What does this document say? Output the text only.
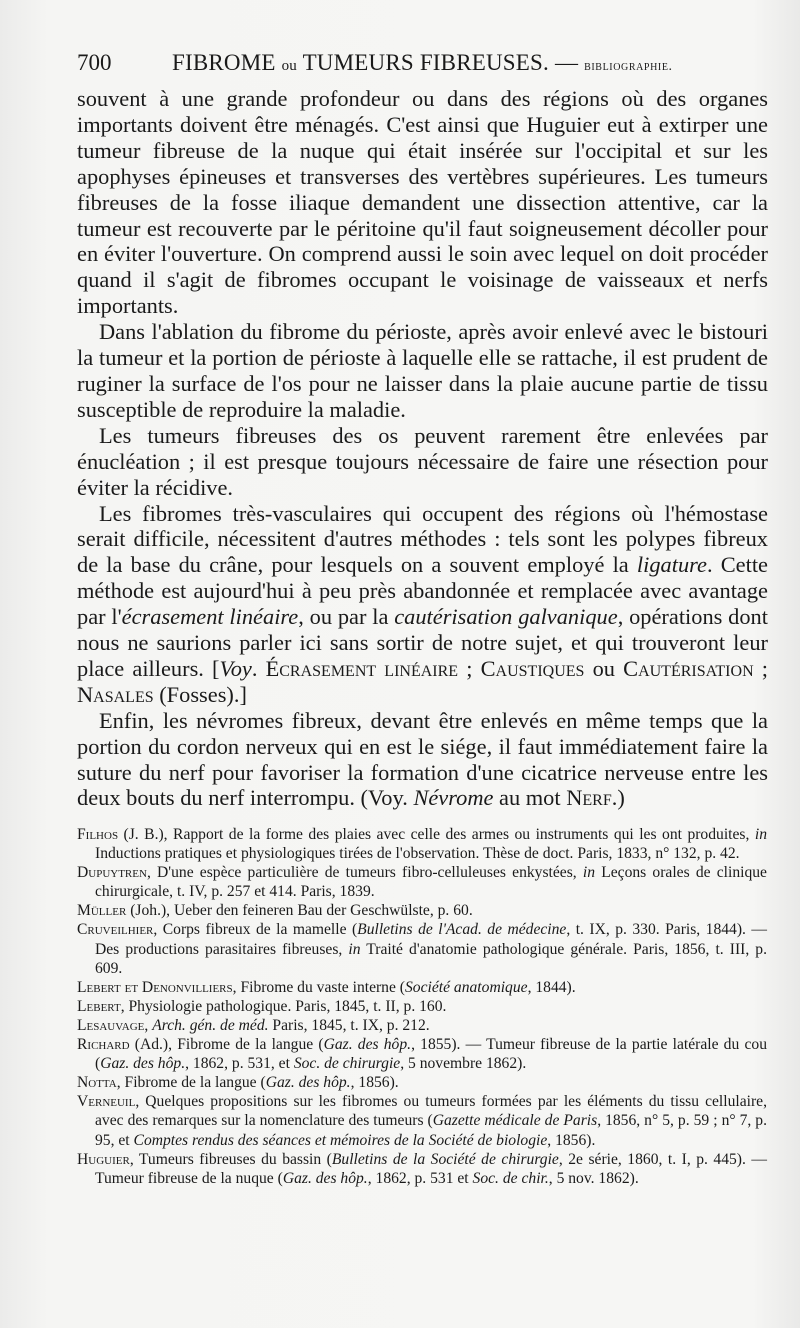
700	FIBROME ou TUMEURS FIBREUSES. — bibliographie.

souvent à une grande profondeur ou dans des régions où des organes importants doivent être ménagés. C'est ainsi que Huguier eut à extirper une tumeur fibreuse de la nuque qui était insérée sur l'occipital et sur les apophyses épineuses et transverses des vertèbres supérieures. Les tumeurs fibreuses de la fosse iliaque demandent une dissection attentive, car la tumeur est recouverte par le péritoine qu'il faut soigneusement décoller pour en éviter l'ouverture. On comprend aussi le soin avec lequel on doit procéder quand il s'agit de fibromes occupant le voisinage de vaisseaux et nerfs importants.

Dans l'ablation du fibrome du périoste, après avoir enlevé avec le bistouri la tumeur et la portion de périoste à laquelle elle se rattache, il est prudent de ruginer la surface de l'os pour ne laisser dans la plaie aucune partie de tissu susceptible de reproduire la maladie.

Les tumeurs fibreuses des os peuvent rarement être enlevées par énucléation ; il est presque toujours nécessaire de faire une résection pour éviter la récidive.

Les fibromes très-vasculaires qui occupent des régions où l'hémostase serait difficile, nécessitent d'autres méthodes : tels sont les polypes fibreux de la base du crâne, pour lesquels on a souvent employé la ligature. Cette méthode est aujourd'hui à peu près abandonnée et remplacée avec avantage par l'écrasement linéaire, ou par la cautérisation galvanique, opérations dont nous ne saurions parler ici sans sortir de notre sujet, et qui trouveront leur place ailleurs. [Voy. Écrasement linéaire ; Caustiques ou Cautérisation ; Nasales (Fosses).]

Enfin, les névromes fibreux, devant être enlevés en même temps que la portion du cordon nerveux qui en est le siége, il faut immédiatement faire la suture du nerf pour favoriser la formation d'une cicatrice nerveuse entre les deux bouts du nerf interrompu. (Voy. Névrome au mot Nerf.)

Filhos (J. B.), Rapport de la forme des plaies avec celle des armes ou instruments qui les ont produites, in Inductions pratiques et physiologiques tirées de l'observation. Thèse de doct. Paris, 1833, n° 132, p. 42.

Dupuytren, D'une espèce particulière de tumeurs fibro-celluleuses enkystées, in Leçons orales de clinique chirurgicale, t. IV, p. 257 et 414. Paris, 1839.

Müller (Joh.), Ueber den feineren Bau der Geschwülste, p. 60.

Cruveilhier, Corps fibreux de la mamelle (Bulletins de l'Acad. de médecine, t. IX, p. 330. Paris, 1844). — Des productions parasitaires fibreuses, in Traité d'anatomie pathologique générale. Paris, 1856, t. III, p. 609.

Lebert et Denonvilliers, Fibrome du vaste interne (Société anatomique, 1844).

Lebert, Physiologie pathologique. Paris, 1845, t. II, p. 160.

Lesauvage, Arch. gén. de méd. Paris, 1845, t. IX, p. 212.

Richard (Ad.), Fibrome de la langue (Gaz. des hôp., 1855). — Tumeur fibreuse de la partie latérale du cou (Gaz. des hôp., 1862, p. 531, et Soc. de chirurgie, 5 novembre 1862).

Notta, Fibrome de la langue (Gaz. des hôp., 1856).

Verneuil, Quelques propositions sur les fibromes ou tumeurs formées par les éléments du tissu cellulaire, avec des remarques sur la nomenclature des tumeurs (Gazette médicale de Paris, 1856, n° 5, p. 59 ; n° 7, p. 95, et Comptes rendus des séances et mémoires de la Société de biologie, 1856).

Huguier, Tumeurs fibreuses du bassin (Bulletins de la Société de chirurgie, 2e série, 1860, t. I, p. 445). — Tumeur fibreuse de la nuque (Gaz. des hôp., 1862, p. 531 et Soc. de chir., 5 nov. 1862).
